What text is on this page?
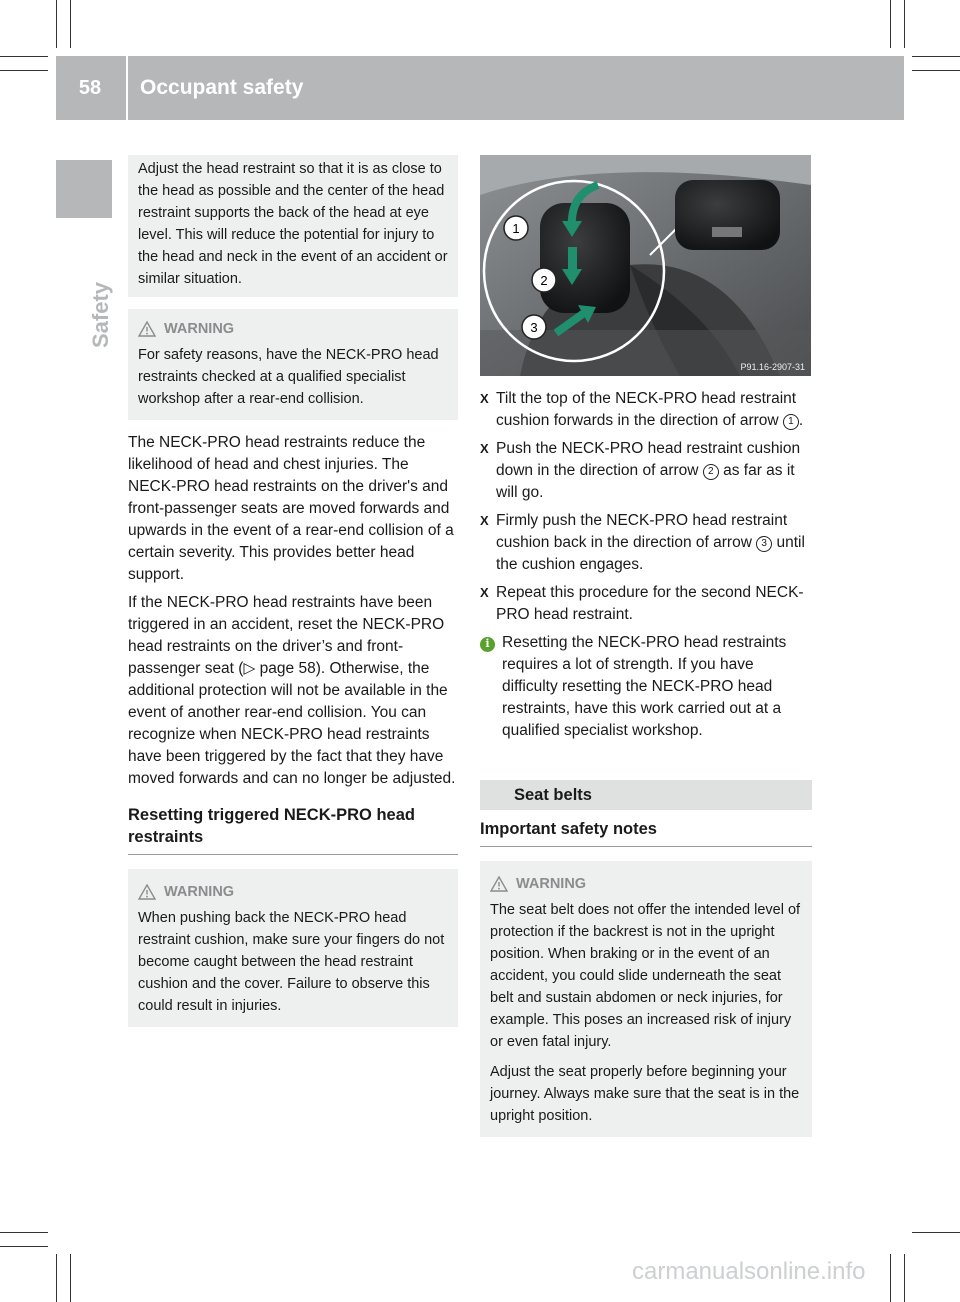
58	Occupant safety
Safety
Adjust the head restraint so that it is as close to the head as possible and the center of the head restraint supports the back of the head at eye level. This will reduce the potential for injury to the head and neck in the event of an accident or similar situation.
WARNING
For safety reasons, have the NECK-PRO head restraints checked at a qualified specialist workshop after a rear-end collision.

The NECK-PRO head restraints reduce the likelihood of head and chest injuries. The NECK-PRO head restraints on the driver's and front-passenger seats are moved forwards and upwards in the event of a rear-end collision of a certain severity. This provides better head support.

If the NECK-PRO head restraints have been triggered in an accident, reset the NECK-PRO head restraints on the driver’s and front-passenger seat (▷ page 58). Otherwise, the additional protection will not be available in the event of another rear-end collision. You can recognize when NECK-PRO head restraints have been triggered by the fact that they have moved forwards and can no longer be adjusted.

Resetting triggered NECK-PRO head restraints
WARNING
When pushing back the NECK-PRO head restraint cushion, make sure your fingers do not become caught between the head restraint cushion and the cover. Failure to observe this could result in injuries.
1
2
3
P91.16-2907-31
X Tilt the top of the NECK-PRO head restraint cushion forwards in the direction of arrow 1 .
X Push the NECK-PRO head restraint cushion down in the direction of arrow 2 as far as it will go.
X Firmly push the NECK-PRO head restraint cushion back in the direction of arrow 3 until the cushion engages.
X Repeat this procedure for the second NECK-PRO head restraint.
i Resetting the NECK-PRO head restraints requires a lot of strength. If you have difficulty resetting the NECK-PRO head restraints, have this work carried out at a qualified specialist workshop.
Seat belts
Important safety notes
WARNING

The seat belt does not offer the intended level of protection if the backrest is not in the upright position. When braking or in the event of an accident, you could slide underneath the seat belt and sustain abdomen or neck injuries, for example. This poses an increased risk of injury or even fatal injury.

Adjust the seat properly before beginning your journey. Always make sure that the seat is in the upright position.

carmanualsonline.info
